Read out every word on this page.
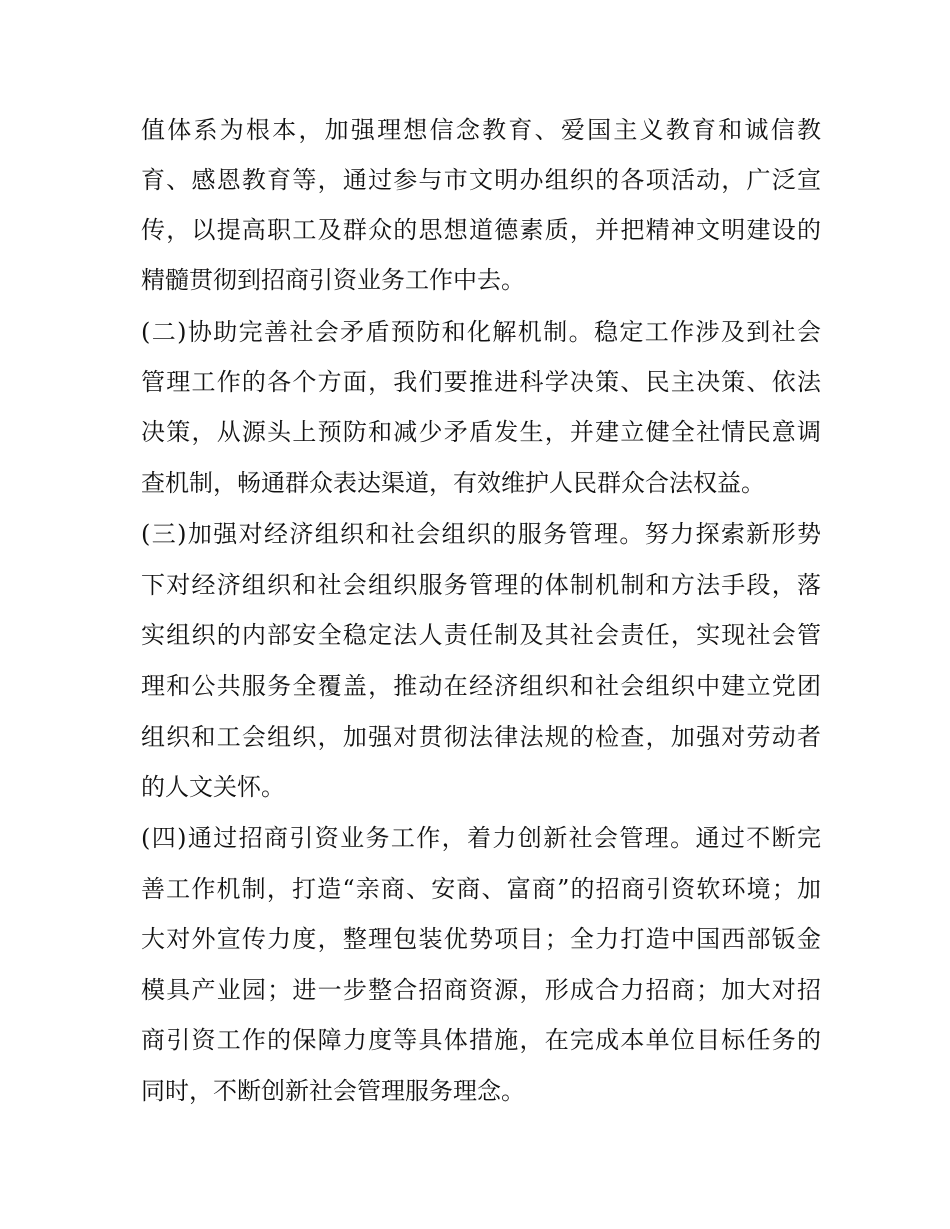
值体系为根本，加强理想信念教育、爱国主义教育和诚信教
育、感恩教育等，通过参与市文明办组织的各项活动，广泛宣
传，以提高职工及群众的思想道德素质，并把精神文明建设的
精髓贯彻到招商引资业务工作中去。
(二)协助完善社会矛盾预防和化解机制。稳定工作涉及到社会
管理工作的各个方面，我们要推进科学决策、民主决策、依法
决策，从源头上预防和减少矛盾发生，并建立健全社情民意调
查机制，畅通群众表达渠道，有效维护人民群众合法权益。
(三)加强对经济组织和社会组织的服务管理。努力探索新形势
下对经济组织和社会组织服务管理的体制机制和方法手段，落
实组织的内部安全稳定法人责任制及其社会责任，实现社会管
理和公共服务全覆盖，推动在经济组织和社会组织中建立党团
组织和工会组织，加强对贯彻法律法规的检查，加强对劳动者
的人文关怀。
(四)通过招商引资业务工作，着力创新社会管理。通过不断完
善工作机制，打造“亲商、安商、富商”的招商引资软环境；加
大对外宣传力度，整理包装优势项目；全力打造中国西部钣金
模具产业园；进一步整合招商资源，形成合力招商；加大对招
商引资工作的保障力度等具体措施，在完成本单位目标任务的
同时，不断创新社会管理服务理念。
